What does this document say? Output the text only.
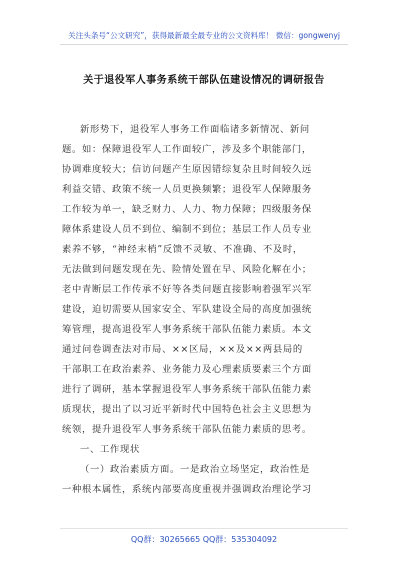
关注头条号“公文研究”，获得最新最全最专业的公文资料库！ 微信：gongwenyj
关于退役军人事务系统干部队伍建设情况的调研报告
新形势下，退役军人事务工作面临诸多新情况、新问
题。如：保障退役军人工作面较广，涉及多个职能部门，
协调难度较大；信访问题产生原因错综复杂且时间较久远
利益交错、政策不统一人员更换频繁；退役军人保障服务
工作较为单一，缺乏财力、人力、物力保障；四级服务保
障体系建设人员不到位、编制不到位；基层工作人员专业
素养不够，“神经末梢”反馈不灵敏、不准确、不及时，
无法做到问题发现在先、险情处置在早、风险化解在小；
老中青断层工作传承不好等各类问题直接影响着强军兴军
建设，迫切需要从国家安全、军队建设全局的高度加强统
筹管理，提高退役军人事务系统干部队伍能力素质。本文
通过问卷调查法对市局、××区局，××及××两县局的
干部职工在政治素养、业务能力及心理素质要素三个方面
进行了调研，基本掌握退役军人事务系统干部队伍能力素
质现状，提出了以习近平新时代中国特色社会主义思想为
统领，提升退役军人事务系统干部队伍能力素质的思考。
一、工作现状
（一）政治素质方面。一是政治立场坚定，政治性是
一种根本属性，系统内部要高度重视并强调政治理论学习
QQ群：30265665 QQ群：535304092
